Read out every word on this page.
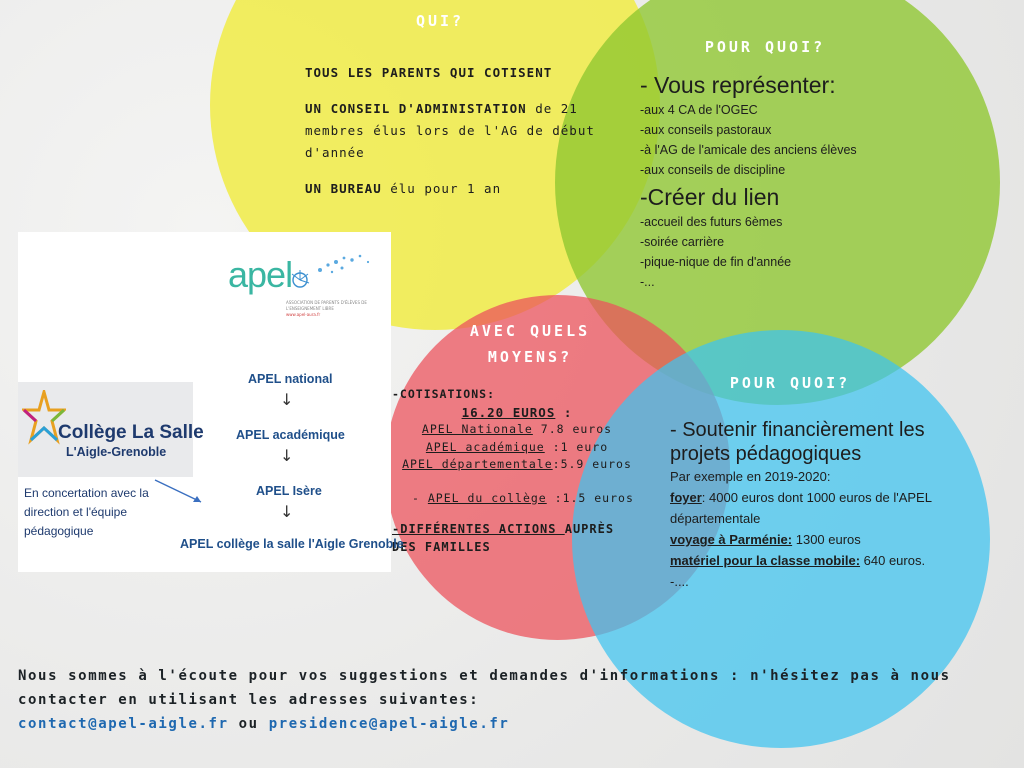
QUI?

TOUS LES PARENTS QUI COTISENT

UN CONSEIL D'ADMINISTATION de 21 membres élus lors de l'AG de début d'année

UN BUREAU élu pour 1 an

POUR QUOI?
- Vous représenter:
-aux 4 CA de l'OGEC
-aux conseils pastoraux
-à l'AG de l'amicale des anciens élèves
-aux conseils de discipline
-Créer du lien
-accueil des futurs 6èmes
-soirée carrière
-pique-nique de fin d'année
-...
AVEC QUELS MOYENS?
-COTISATIONS:
16.20 EUROS :
APEL Nationale 7.8 euros
APEL académique :1 euro
APEL départementale:5.9 euros
- APEL du collège :1.5 euros
-DIFFÉRENTES ACTIONS AUPRÈS DES FAMILLES
POUR QUOI?
- Soutenir financièrement les projets pédagogiques
Par exemple en 2019-2020:
foyer: 4000 euros dont 1000 euros de l'APEL départementale
voyage à Parménie: 1300 euros
matériel pour la classe mobile: 640 euros.
-....
apel
ASSOCIATION DE PARENTS D'ÉLÈVES DE L'ENSEIGNEMENT LIBRE
www.apel-aura.fr
APEL national
↓
APEL académique
↓
APEL Isère
↓
APEL collège la salle l'Aigle Grenoble
Collège La Salle
L'Aigle-Grenoble
En concertation avec la direction et l'équipe pédagogique
Nous sommes à l'écoute pour vos suggestions et demandes d'informations : n'hésitez pas à nous contacter en utilisant les adresses suivantes:
contact@apel-aigle.fr ou presidence@apel-aigle.fr
